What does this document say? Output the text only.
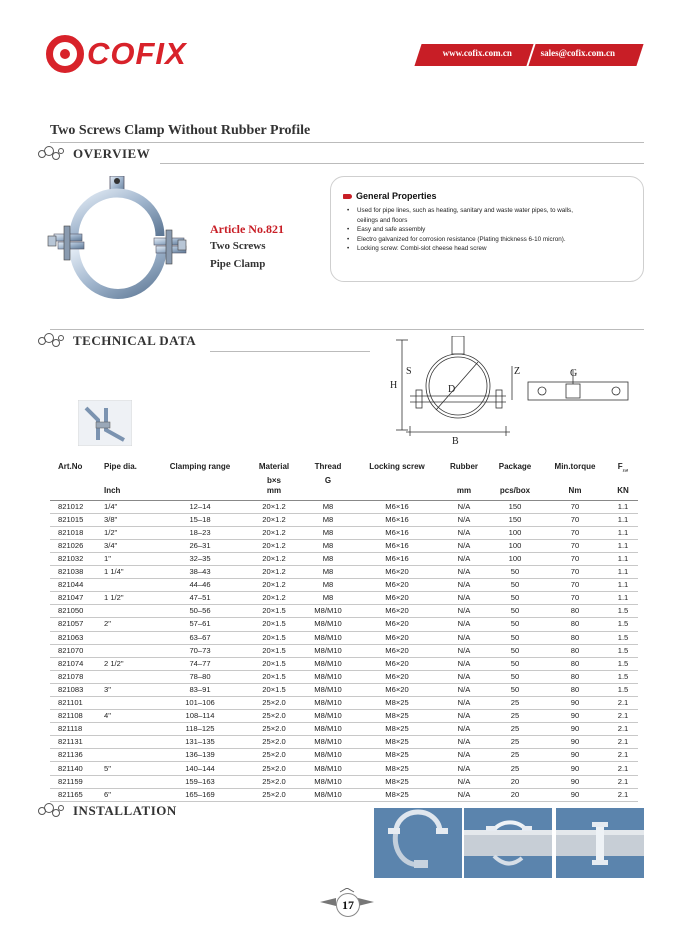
COFIX	www.cofix.com.cn	sales@cofix.com.cn
Two Screws Clamp Without Rubber Profile
OVERVIEW
Article No.821
Two Screws
Pipe Clamp
General Properties
• Used for pipe lines, such as heating, sanitary and waste water pipes, to walls,
ceilings and floors
• Easy and safe assembly
• Electro galvanized for corrosion resistance (Plating thickness 6-10 micron).
• Locking screw: Combi-slot cheese head screw
TECHNICAL DATA
H
S
D
Z	G
B
Art.No	Pipe dia.	Clamping range	Material	Thread	Locking screw	Rubber	Package	Min.torque	$F_{zul}$
			b×s	G					
	Inch		mm			mm	pcs/box	Nm	KN
821012	1/4"	12–14	20×1.2	M8	M6×16	N/A	150	70	1.1
821015	3/8"	15–18	20×1.2	M8	M6×16	N/A	150	70	1.1
821018	1/2"	18–23	20×1.2	M8	M6×16	N/A	100	70	1.1
821026	3/4"	26–31	20×1.2	M8	M6×16	N/A	100	70	1.1
821032	1"	32–35	20×1.2	M8	M6×16	N/A	100	70	1.1
821038	1 1/4"	38–43	20×1.2	M8	M6×20	N/A	50	70	1.1
821044		44–46	20×1.2	M8	M6×20	N/A	50	70	1.1
821047	1 1/2"	47–51	20×1.2	M8	M6×20	N/A	50	70	1.1
821050		50–56	20×1.5	M8/M10	M6×20	N/A	50	80	1.5
821057	2"	57–61	20×1.5	M8/M10	M6×20	N/A	50	80	1.5
821063		63–67	20×1.5	M8/M10	M6×20	N/A	50	80	1.5
821070		70–73	20×1.5	M8/M10	M6×20	N/A	50	80	1.5
821074	2 1/2"	74–77	20×1.5	M8/M10	M6×20	N/A	50	80	1.5
821078		78–80	20×1.5	M8/M10	M6×20	N/A	50	80	1.5
821083	3"	83–91	20×1.5	M8/M10	M6×20	N/A	50	80	1.5
821101		101–106	25×2.0	M8/M10	M8×25	N/A	25	90	2.1
821108	4"	108–114	25×2.0	M8/M10	M8×25	N/A	25	90	2.1
821118		118–125	25×2.0	M8/M10	M8×25	N/A	25	90	2.1
821131		131–135	25×2.0	M8/M10	M8×25	N/A	25	90	2.1
821136		136–139	25×2.0	M8/M10	M8×25	N/A	25	90	2.1
821140	5"	140–144	25×2.0	M8/M10	M8×25	N/A	25	90	2.1
821159		159–163	25×2.0	M8/M10	M8×25	N/A	20	90	2.1
821165	6"	165–169	25×2.0	M8/M10	M8×25	N/A	20	90	2.1
INSTALLATION
17
